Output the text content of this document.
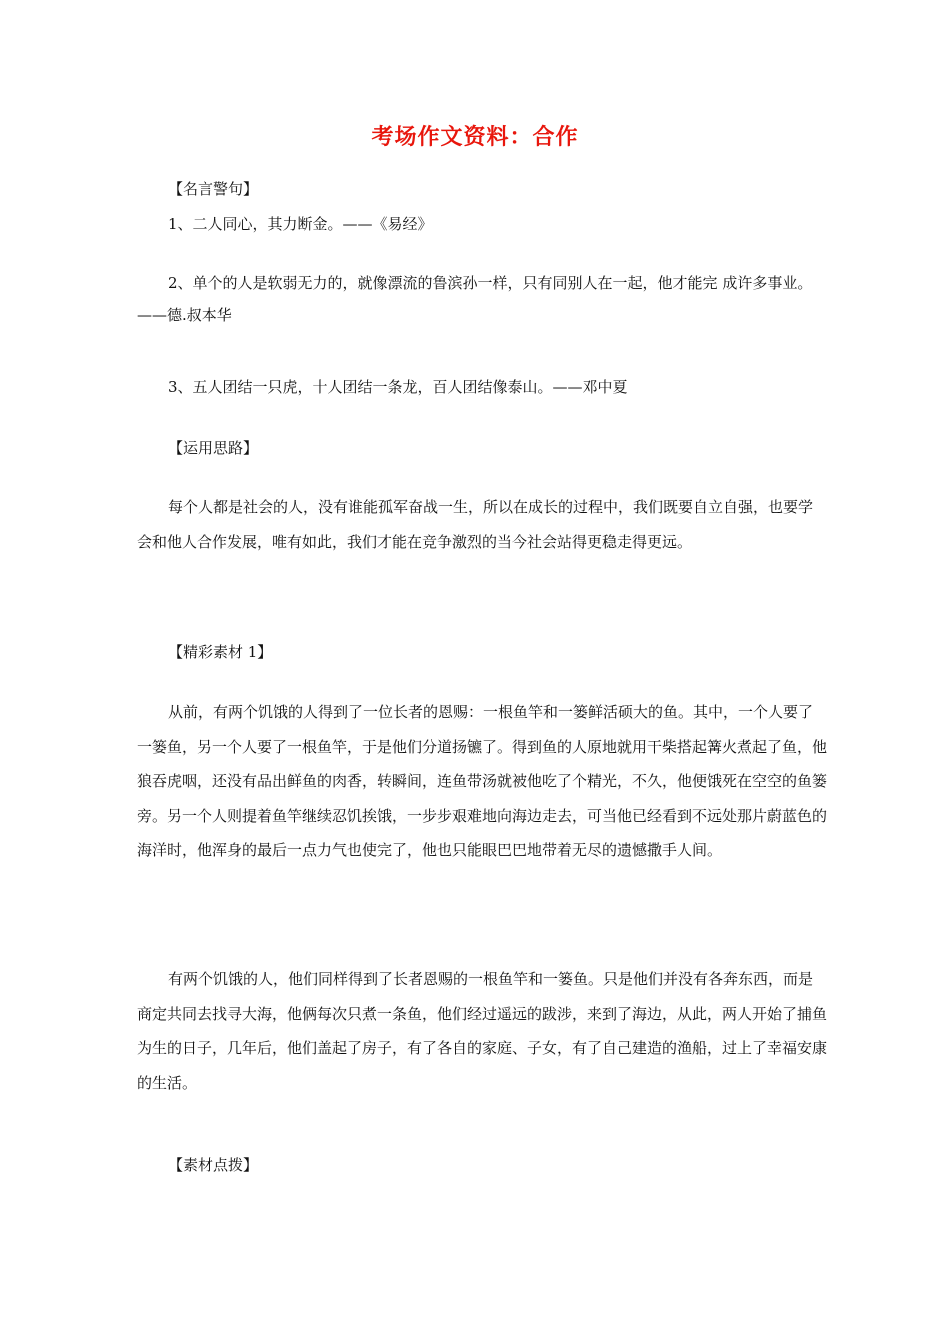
考场作文资料：合作
【名言警句】
1、二人同心，其力断金。——《易经》

2、单个的人是软弱无力的，就像漂流的鲁滨孙一样，只有同别人在一起，他才能完 成许多事业。——德.叔本华

3、五人团结一只虎，十人团结一条龙，百人团结像泰山。——邓中夏
【运用思路】

每个人都是社会的人，没有谁能孤军奋战一生，所以在成长的过程中，我们既要自立自强，也要学会和他人合作发展，唯有如此，我们才能在竞争激烈的当今社会站得更稳走得更远。

【精彩素材 1】

从前，有两个饥饿的人得到了一位长者的恩赐：一根鱼竿和一篓鲜活硕大的鱼。其中，一个人要了一篓鱼，另一个人要了一根鱼竿，于是他们分道扬镳了。得到鱼的人原地就用干柴搭起篝火煮起了鱼，他狼吞虎咽，还没有品出鲜鱼的肉香，转瞬间，连鱼带汤就被他吃了个精光，不久，他便饿死在空空的鱼篓旁。另一个人则提着鱼竿继续忍饥挨饿，一步步艰难地向海边走去，可当他已经看到不远处那片蔚蓝色的海洋时，他浑身的最后一点力气也使完了，他也只能眼巴巴地带着无尽的遗憾撒手人间。

有两个饥饿的人，他们同样得到了长者恩赐的一根鱼竿和一篓鱼。只是他们并没有各奔东西，而是商定共同去找寻大海，他俩每次只煮一条鱼，他们经过遥远的跋涉，来到了海边，从此，两人开始了捕鱼为生的日子，几年后，他们盖起了房子，有了各自的家庭、子女，有了自己建造的渔船，过上了幸福安康的生活。

【素材点拨】
